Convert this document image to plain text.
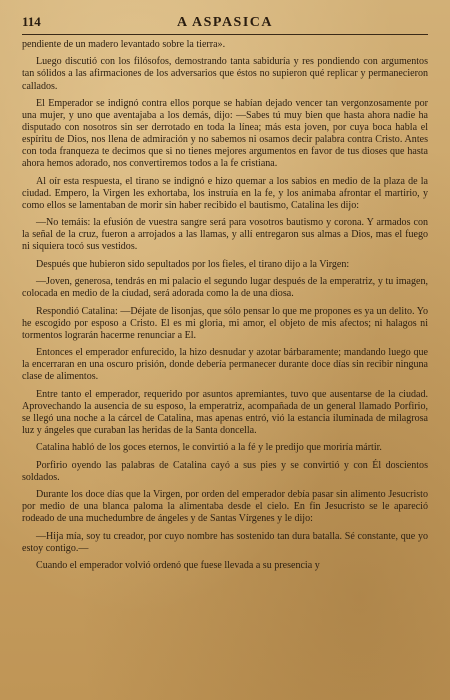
114	A ASPASICA

pendiente de un madero levantado sobre la tierra».

Luego discutió con los filósofos, demostrando tanta sabiduría y res pondiendo con argumentos tan sólidos a las afirmaciones de los adversarios que éstos no supieron qué replicar y permanecieron callados.

El Emperador se indignó contra ellos porque se habían dejado vencer tan vergonzosamente por una mujer, y uno que aventajaba a los demás, dijo: —Sabes tú muy bien que hasta ahora nadie ha disputado con nosotros sin ser derrotado en toda la línea; más esta joven, por cuya boca habla el espíritu de Dios, nos llena de admiración y no sabemos ni osamos decir palabra contra Cristo. Antes con toda franqueza te decimos que si no tienes mejores argumentos en favor de tus dioses que hasta ahora hemos adorado, nos convertiremos todos a la fe cristiana.

Al oír esta respuesta, el tirano se indignó e hizo quemar a los sabios en medio de la plaza de la ciudad. Empero, la Virgen les exhortaba, los instruía en la fe, y los animaba afrontar el martirio, y como ellos se lamentaban de morir sin haber recibido el bautismo, Catalina les dijo:

—No temáis: la efusión de vuestra sangre será para vosotros bautismo y corona. Y armados con la señal de la cruz, fueron a arrojados a las llamas, y allí entregaron sus almas a Dios, mas el fuego ni siquiera tocó sus vestidos.

Después que hubieron sido sepultados por los fieles, el tirano dijo a la Virgen:

—Joven, generosa, tendrás en mi palacio el segundo lugar después de la emperatriz, y tu imagen, colocada en medio de la ciudad, será adorada como la de una diosa.

Respondió Catalina: —Déjate de lisonjas, que sólo pensar lo que me propones es ya un delito. Yo he escogido por esposo a Cristo. El es mi gloria, mi amor, el objeto de mis afectos; ni halagos ni tormentos lograrán hacerme renunciar a El.

Entonces el emperador enfurecido, la hizo desnudar y azotar bárbaramente; mandando luego que la encerraran en una oscuro prisión, donde debería permanecer durante doce días sin recibir ninguna clase de alimentos.

Entre tanto el emperador, requerido por asuntos apremiantes, tuvo que ausentarse de la ciudad. Aprovechando la ausencia de su esposo, la emperatriz, acompañada de un general llamado Porfirio, se llegó una noche a la cárcel de Catalina, mas apenas entró, vió la estancia iluminada de milagrosa luz y ángeles que curaban las heridas de la Santa doncella.

Catalina habló de los goces eternos, le convirtió a la fé y le predijo que moriría mártir.

Porfirio oyendo las palabras de Catalina cayó a sus pies y se convirtió y con Él doscientos soldados.

Durante los doce días que la Virgen, por orden del emperador debía pasar sin alimento Jesucristo por medio de una blanca paloma la alimentaba desde el cielo. En fin Jesucristo se le apareció rodeado de una muchedumbre de ángeles y de Santas Vírgenes y le dijo:

—Hija mía, soy tu creador, por cuyo nombre has sostenido tan dura batalla. Sé constante, que yo estoy contigo.—

Cuando el emperador volvió ordenó que fuese llevada a su presencia y
